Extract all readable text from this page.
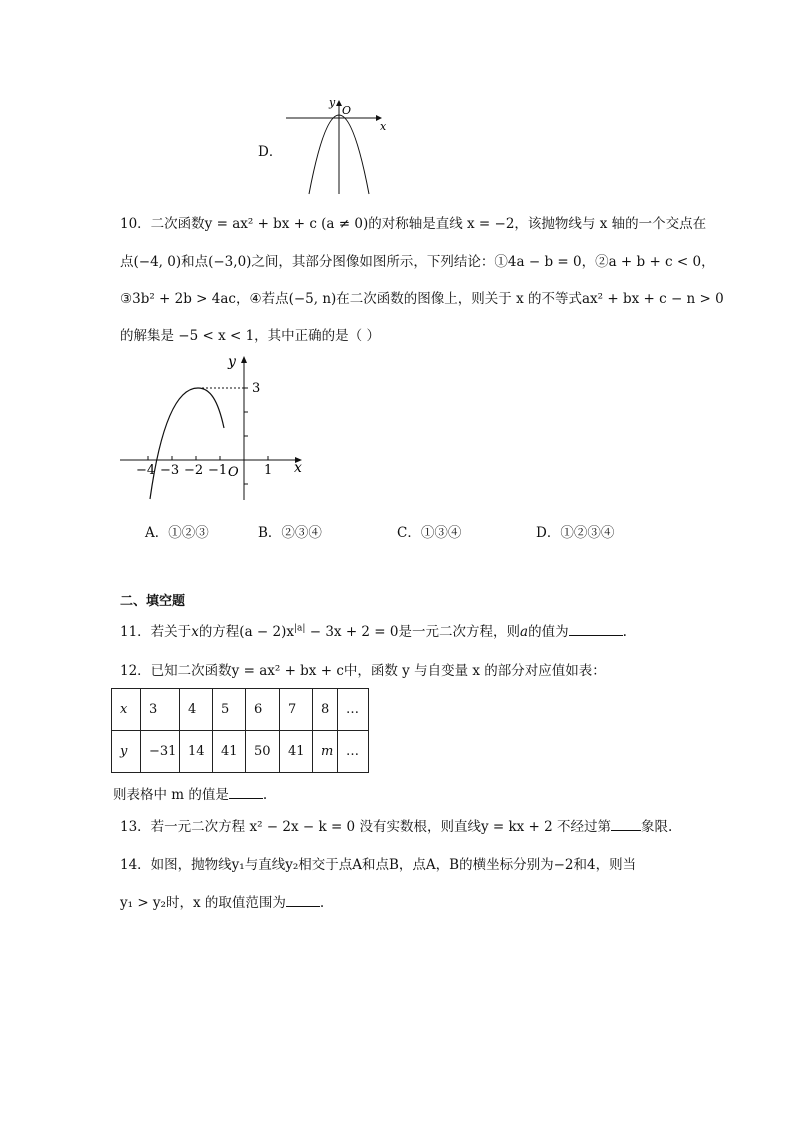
D．
y
O
x
10．二次函数y = ax² + bx + c (a ≠ 0)的对称轴是直线 x = −2，该抛物线与 x 轴的一个交点在
点(−4, 0)和点(−3,0)之间，其部分图像如图所示，下列结论：①4a − b = 0，②a + b + c < 0，
③3b² + 2b > 4ac，④若点(−5, n)在二次函数的图像上，则关于 x 的不等式ax² + bx + c − n > 0
的解集是 −5 < x < 1，其中正确的是（ ）
y
3
−4 −3 −2 −1	1
O	x
A．①②③	B．②③④	C．①③④	D．①②③④
二、填空题
11．若关于x的方程$(a - 2)x^{|a|} - 3x + 2 = 0$是一元二次方程，则a的值为	.
12．已知二次函数y = ax² + bx + c中，函数 y 与自变量 x 的部分对应值如表：
x	3	4	5	6	7	8	…
y	−31	14	41	50	41	m	…
则表格中 m 的值是	.
13．若一元二次方程 x² − 2x − k = 0 没有实数根，则直线y = kx + 2 不经过第 象限.
14．如图，抛物线y₁与直线y₂相交于点A和点B，点A，B的横坐标分别为−2和4，则当
y₁ > y₂时，x 的取值范围为	.
